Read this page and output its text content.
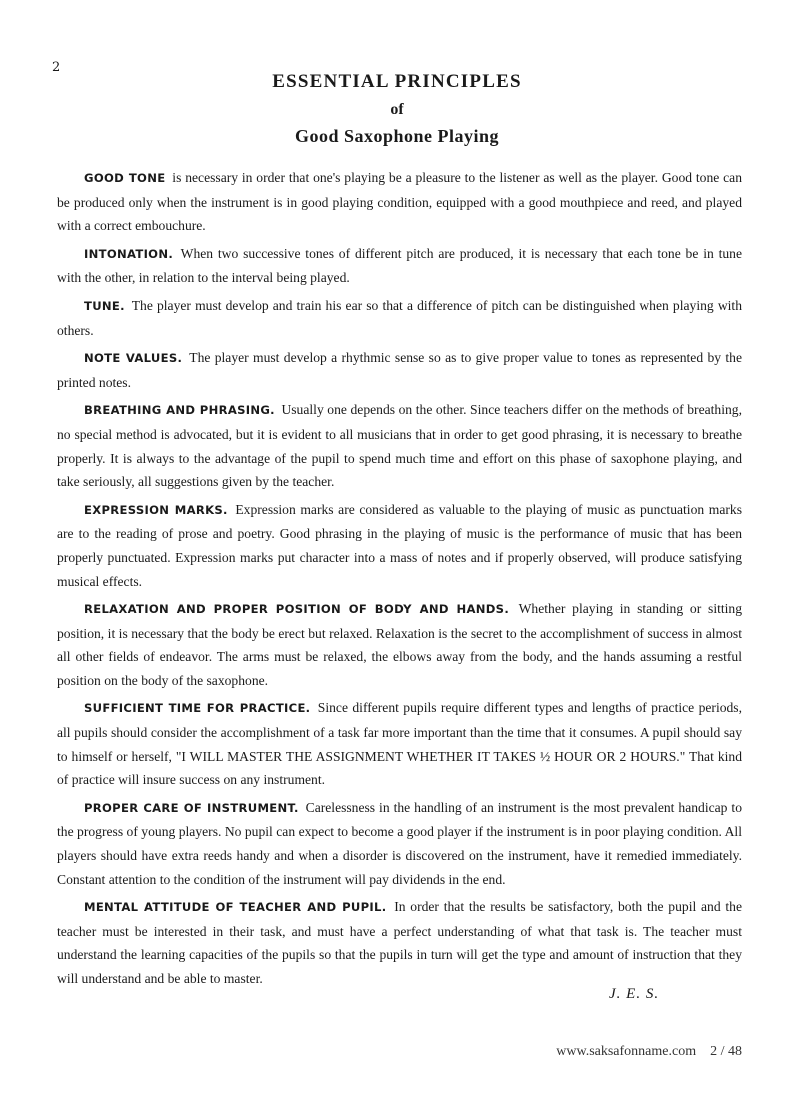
2
ESSENTIAL PRINCIPLES
of
Good Saxophone Playing

GOOD TONE is necessary in order that one's playing be a pleasure to the listener as well as the player. Good tone can be produced only when the instrument is in good playing condition, equipped with a good mouthpiece and reed, and played with a correct embouchure.

INTONATION. When two successive tones of different pitch are produced, it is necessary that each tone be in tune with the other, in relation to the interval being played.

TUNE. The player must develop and train his ear so that a difference of pitch can be distinguished when playing with others.

NOTE VALUES. The player must develop a rhythmic sense so as to give proper value to tones as represented by the printed notes.

BREATHING AND PHRASING. Usually one depends on the other. Since teachers differ on the methods of breathing, no special method is advocated, but it is evident to all musicians that in order to get good phrasing, it is necessary to breathe properly. It is always to the advantage of the pupil to spend much time and effort on this phase of saxophone playing, and take seriously, all suggestions given by the teacher.

EXPRESSION MARKS. Expression marks are considered as valuable to the playing of music as punctuation marks are to the reading of prose and poetry. Good phrasing in the playing of music is the performance of music that has been properly punctuated. Expression marks put character into a mass of notes and if properly observed, will produce satisfying musical effects.

RELAXATION AND PROPER POSITION OF BODY AND HANDS. Whether playing in standing or sitting position, it is necessary that the body be erect but relaxed. Relaxation is the secret to the accomplishment of success in almost all other fields of endeavor. The arms must be relaxed, the elbows away from the body, and the hands assuming a restful position on the body of the saxophone.

SUFFICIENT TIME FOR PRACTICE. Since different pupils require different types and lengths of practice periods, all pupils should consider the accomplishment of a task far more important than the time that it consumes. A pupil should say to himself or herself, "I WILL MASTER THE ASSIGNMENT WHETHER IT TAKES ½ HOUR OR 2 HOURS." That kind of practice will insure success on any instrument.

PROPER CARE OF INSTRUMENT. Carelessness in the handling of an instrument is the most prevalent handicap to the progress of young players. No pupil can expect to become a good player if the instrument is in poor playing condition. All players should have extra reeds handy and when a disorder is discovered on the instrument, have it remedied immediately. Constant attention to the condition of the instrument will pay dividends in the end.

MENTAL ATTITUDE OF TEACHER AND PUPIL. In order that the results be satisfactory, both the pupil and the teacher must be interested in their task, and must have a perfect understanding of what that task is. The teacher must understand the learning capacities of the pupils so that the pupils in turn will get the type and amount of instruction that they will understand and be able to master.

J. E. S.
www.saksafonname.com 2 / 48
